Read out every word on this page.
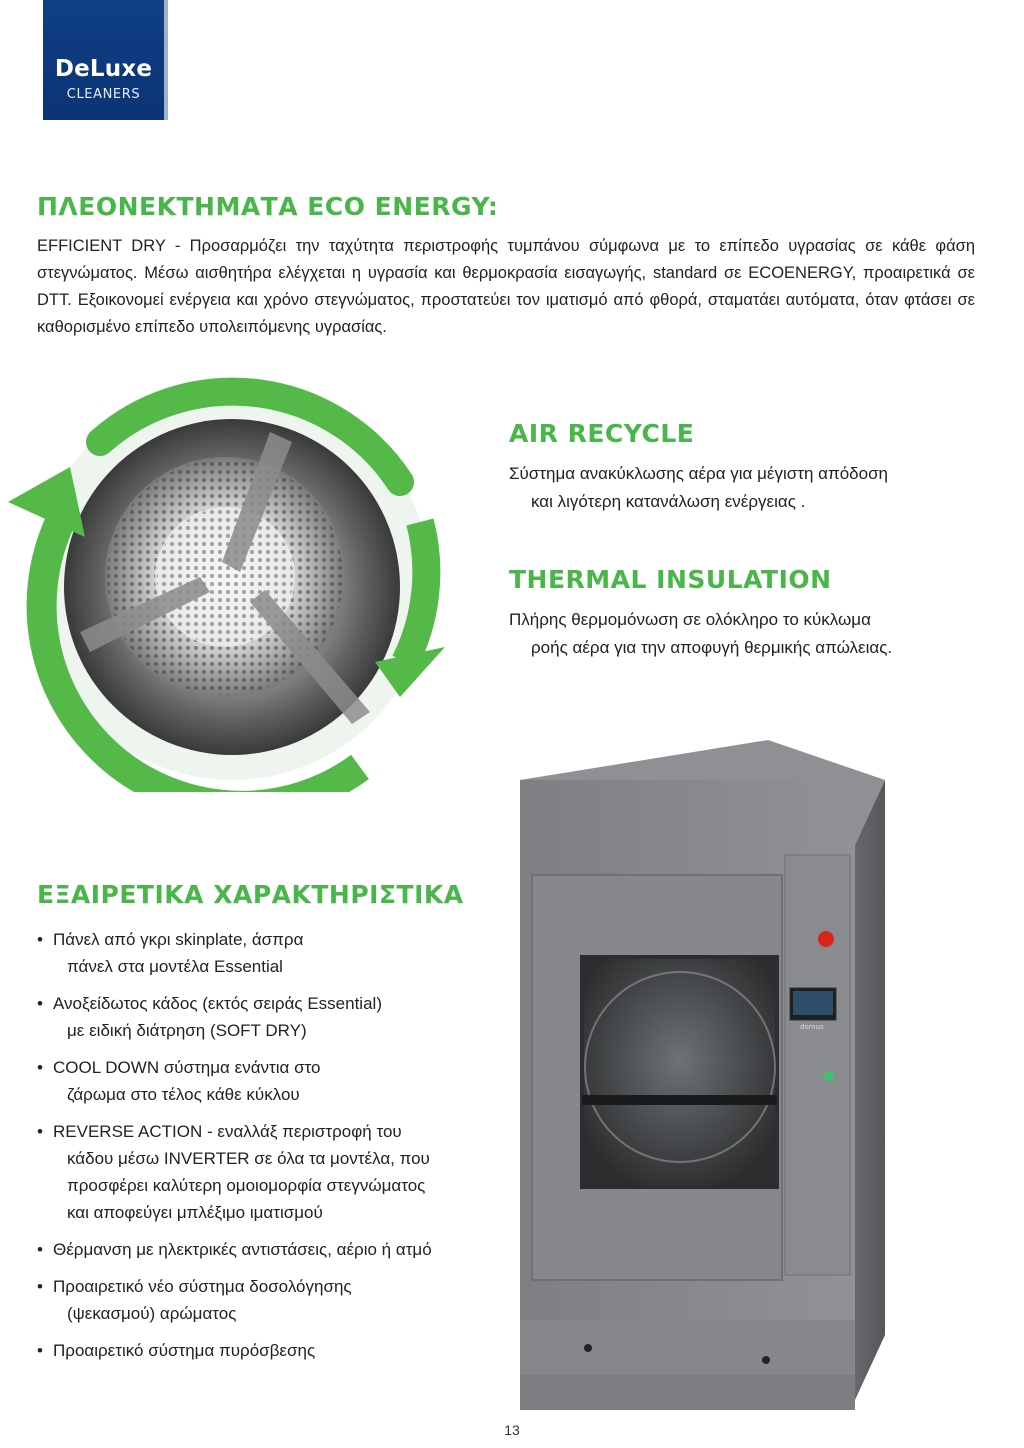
DeLuxe
CLEANERS
ΠΛΕΟΝΕΚΤΗΜΑΤΑ ECO ENERGY:
EFFICIENT DRY - Προσαρμόζει την ταχύτητα περιστροφής τυμπάνου σύμφωνα με το επίπεδο υγρασίας σε κάθε φάση στεγνώματος. Μέσω αισθητήρα ελέγχεται η υγρασία και θερμοκρασία εισαγωγής, standard σε ECOENERGY, προαιρετικά σε DTT. Εξοικονομεί ενέργεια και χρόνο στεγνώματος, προστατεύει τον ιματισμό από φθορά, σταματάει αυτόματα, όταν φτάσει σε καθορισμένο επίπεδο υπολειπόμενης υγρασίας.
AIR RECYCLE
Σύστημα ανακύκλωσης αέρα για μέγιστη απόδοση
και λιγότερη κατανάλωση ενέργειας .
THERMAL INSULATION
Πλήρης θερμομόνωση σε ολόκληρο το κύκλωμα
ροής αέρα για την αποφυγή θερμικής απώλειας.
domus
ΕΞΑΙΡΕΤΙΚΑ ΧΑΡΑΚΤΗΡΙΣΤΙΚΑ
• Πάνελ από γκρι skinplate, άσπρα
πάνελ στα μοντέλα Essential
• Ανοξείδωτος κάδος (εκτός σειράς Essential)
με ειδική διάτρηση (SOFT DRY)
• COOL DOWN σύστημα ενάντια στο
ζάρωμα στο τέλος κάθε κύκλου
• REVERSE ACTION - εναλλάξ περιστροφή του
κάδου μέσω INVERTER σε όλα τα μοντέλα, που
προσφέρει καλύτερη ομοιομορφία στεγνώματος
και αποφεύγει μπλέξιμο ιματισμού
• Θέρμανση με ηλεκτρικές αντιστάσεις, αέριο ή ατμό
• Προαιρετικό νέο σύστημα δοσολόγησης
(ψεκασμού) αρώματος
• Προαιρετικό σύστημα πυρόσβεσης
13
